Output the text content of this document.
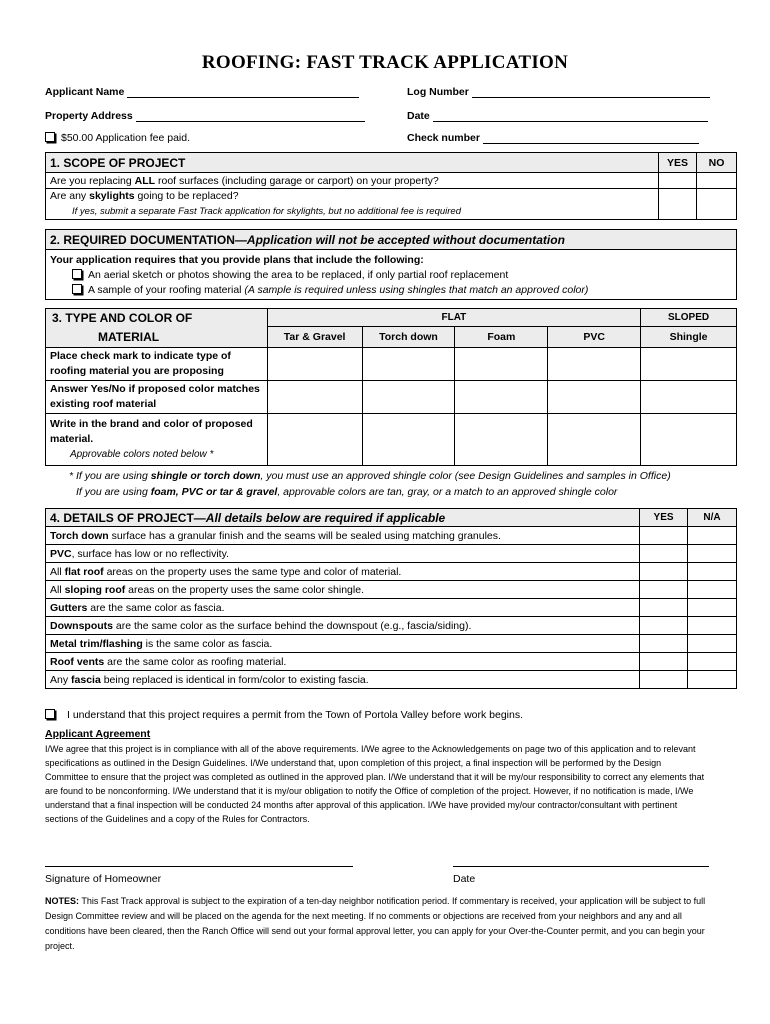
ROOFING: FAST TRACK APPLICATION
Applicant Name
Property Address
$50.00 Application fee paid.
Log Number
Date
Check number
1. SCOPE OF PROJECT	YES	NO
Are you replacing ALL roof surfaces (including garage or carport) on your property?		
Are any skylights going to be replaced?
If yes, submit a separate Fast Track application for skylights, but no additional fee is required		
2. REQUIRED DOCUMENTATION—Application will not be accepted without documentation
Your application requires that you provide plans that include the following:
An aerial sketch or photos showing the area to be replaced, if only partial roof replacement
A sample of your roofing material (A sample is required unless using shingles that match an approved color)
3. TYPE AND COLOR OF
MATERIAL	FLAT				SLOPED
	Tar & Gravel	Torch down	Foam	PVC	Shingle
Place check mark to indicate type of roofing material you are proposing					
Answer Yes/No if proposed color matches existing roof material					
Write in the brand and color of proposed material.
Approvable colors noted below *					
* If you are using shingle or torch down, you must use an approved shingle color (see Design Guidelines and samples in Office)
If you are using foam, PVC or tar & gravel, approvable colors are tan, gray, or a match to an approved shingle color
4. DETAILS OF PROJECT—All details below are required if applicable	YES	N/A
Torch down surface has a granular finish and the seams will be sealed using matching granules.		
PVC, surface has low or no reflectivity.		
All flat roof areas on the property uses the same type and color of material.		
All sloping roof areas on the property uses the same color shingle.		
Gutters are the same color as fascia.		
Downspouts are the same color as the surface behind the downspout (e.g., fascia/siding).		
Metal trim/flashing is the same color as fascia.		
Roof vents are the same color as roofing material.		
Any fascia being replaced is identical in form/color to existing fascia.		
I understand that this project requires a permit from the Town of Portola Valley before work begins.
Applicant Agreement
I/We agree that this project is in compliance with all of the above requirements. I/We agree to the Acknowledgements on page two of this application and to relevant specifications as outlined in the Design Guidelines. I/We understand that, upon completion of this project, a final inspection will be performed by the Design Committee to ensure that the project was completed as outlined in the approved plan. I/We understand that it will be my/our responsibility to correct any elements that are found to be nonconforming. I/We understand that it is my/our obligation to notify the Office of completion of the project. However, if no notification is made, I/We understand that a final inspection will be conducted 24 months after approval of this application. I/We have provided my/our contractor/consultant with pertinent sections of the Guidelines and a copy of the Rules for Contractors.
Signature of Homeowner	Date
NOTES: This Fast Track approval is subject to the expiration of a ten-day neighbor notification period. If commentary is received, your application will be subject to full Design Committee review and will be placed on the agenda for the next meeting. If no comments or objections are received from your neighbors and any and all conditions have been cleared, then the Ranch Office will send out your formal approval letter, you can apply for your Over-the-Counter permit, and you can begin your project.
